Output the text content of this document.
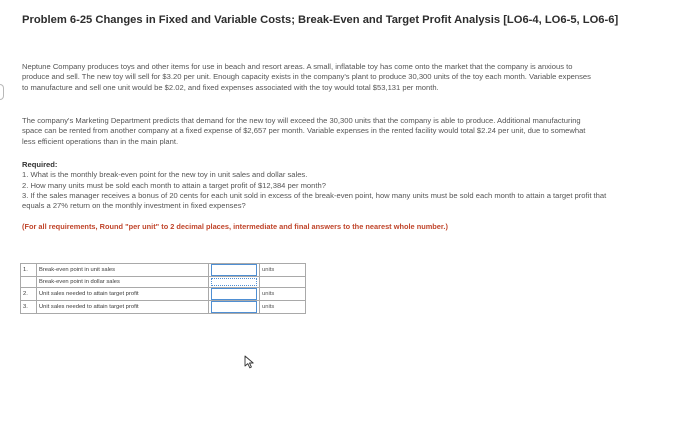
Problem 6-25 Changes in Fixed and Variable Costs; Break-Even and Target Profit Analysis [LO6-4, LO6-5, LO6-6]

Neptune Company produces toys and other items for use in beach and resort areas. A small, inflatable toy has come onto the market that the company is anxious to produce and sell. The new toy will sell for $3.20 per unit. Enough capacity exists in the company's plant to produce 30,300 units of the toy each month. Variable expenses to manufacture and sell one unit would be $2.02, and fixed expenses associated with the toy would total $53,131 per month.

The company's Marketing Department predicts that demand for the new toy will exceed the 30,300 units that the company is able to produce. Additional manufacturing space can be rented from another company at a fixed expense of $2,657 per month. Variable expenses in the rented facility would total $2.24 per unit, due to somewhat less efficient operations than in the main plant.

Required:
1. What is the monthly break-even point for the new toy in unit sales and dollar sales.
2. How many units must be sold each month to attain a target profit of $12,384 per month?
3. If the sales manager receives a bonus of 20 cents for each unit sold in excess of the break-even point, how many units must be sold each month to attain a target profit that equals a 27% return on the monthly investment in fixed expenses?
(For all requirements, Round "per unit" to 2 decimal places, intermediate and final answers to the nearest whole number.)
1.	Break-even point in unit sales		units
	Break-even point in dollar sales	

2.	Unit sales needed to attain target profit		units
3.	Unit sales needed to attain target profit		units
